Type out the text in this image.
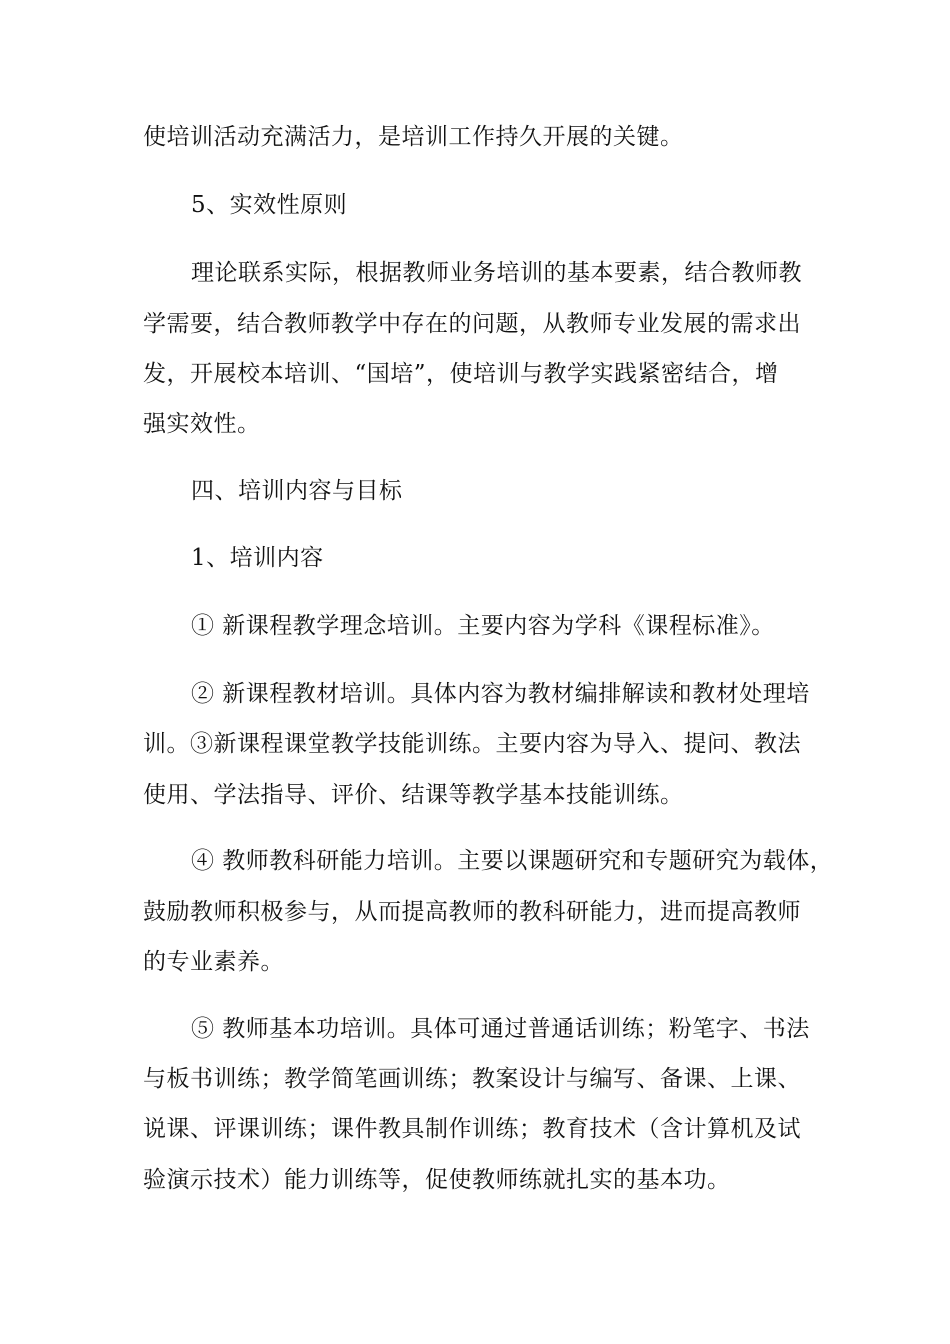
使培训活动充满活力，是培训工作持久开展的关键。
5、实效性原则
理论联系实际，根据教师业务培训的基本要素，结合教师教
学需要，结合教师教学中存在的问题，从教师专业发展的需求出
发，开展校本培训、“国培”，使培训与教学实践紧密结合，增
强实效性。
四、培训内容与目标
1、培训内容
① 新课程教学理念培训。主要内容为学科《课程标准》。
② 新课程教材培训。具体内容为教材编排解读和教材处理培
训。③新课程课堂教学技能训练。主要内容为导入、提问、教法
使用、学法指导、评价、结课等教学基本技能训练。
④ 教师教科研能力培训。主要以课题研究和专题研究为载体，
鼓励教师积极参与，从而提高教师的教科研能力，进而提高教师
的专业素养。
⑤ 教师基本功培训。具体可通过普通话训练；粉笔字、书法
与板书训练；教学简笔画训练；教案设计与编写、备课、上课、
说课、评课训练；课件教具制作训练；教育技术（含计算机及试
验演示技术）能力训练等，促使教师练就扎实的基本功。
